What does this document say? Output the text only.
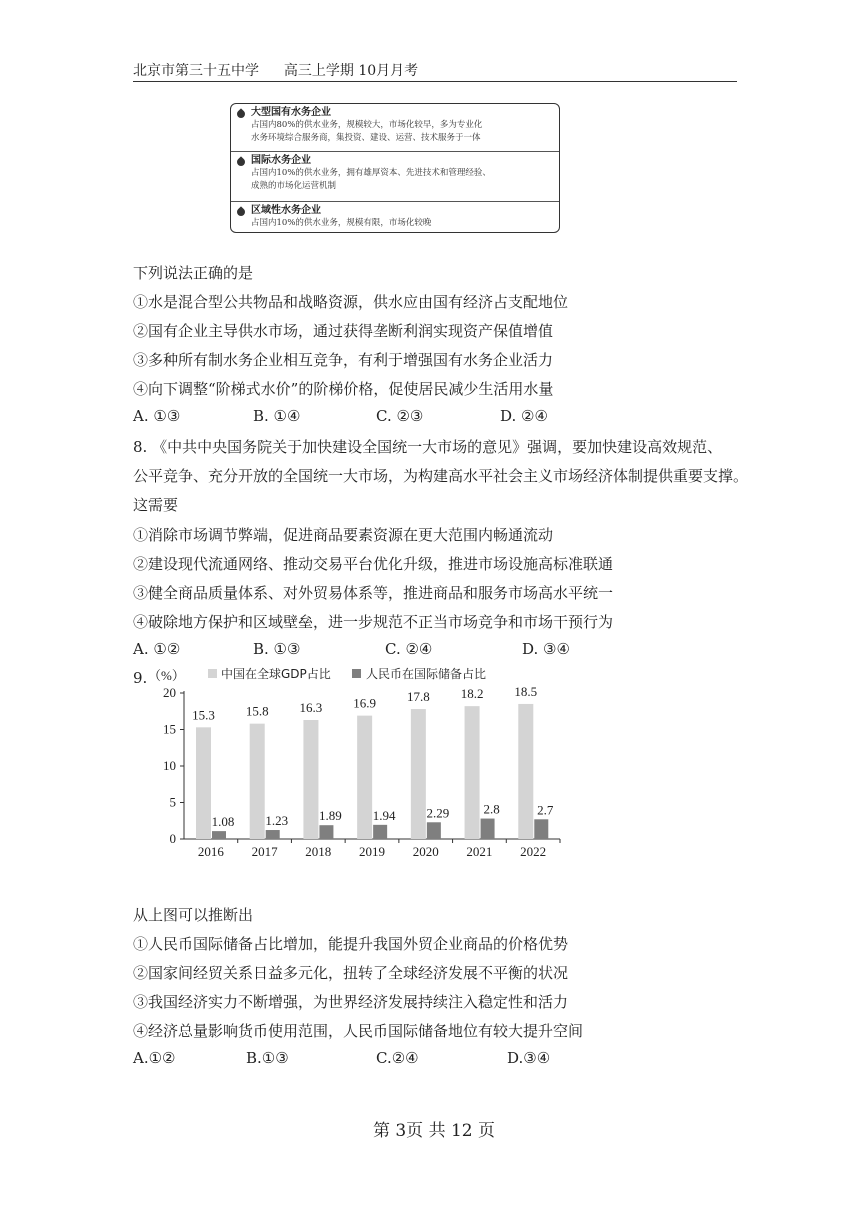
北京市第三十五中学 高三上学期 10月月考
大型国有水务企业
占国内80%的供水业务，规模较大，市场化较早，多为专业化
水务环境综合服务商，集投资、建设、运营、技术服务于一体
国际水务企业
占国内10%的供水业务，拥有雄厚资本、先进技术和管理经验、
成熟的市场化运营机制
区域性水务企业
占国内10%的供水业务，规模有限，市场化较晚
下列说法正确的是
①水是混合型公共物品和战略资源，供水应由国有经济占支配地位
②国有企业主导供水市场，通过获得垄断利润实现资产保值增值
③多种所有制水务企业相互竞争，有利于增强国有水务企业活力
④向下调整“阶梯式水价”的阶梯价格，促使居民减少生活用水量
A. ①③	B. ①④	C. ②③	D. ②④
8. 《中共中央国务院关于加快建设全国统一大市场的意见》强调，要加快建设高效规范、
公平竞争、充分开放的全国统一大市场，为构建高水平社会主义市场经济体制提供重要支撑。
这需要
①消除市场调节弊端，促进商品要素资源在更大范围内畅通流动
②建设现代流通网络、推动交易平台优化升级，推进市场设施高标准联通
③健全商品质量体系、对外贸易体系等，推进商品和服务市场高水平统一
④破除地方保护和区域壁垒，进一步规范不正当市场竞争和市场干预行为
A. ①②	B. ①③	C. ②④	D. ③④
9. （%）	中国在全球GDP占比	人民币在国际储备占比
0
5
10
15
20
15.3
1.08
2016
15.8
1.23
2017
16.3
1.89
2018
16.9
1.94
2019
17.8
2.29
2020
18.2
2.8
2021
18.5
2.7
2022
从上图可以推断出
①人民币国际储备占比增加，能提升我国外贸企业商品的价格优势
②国家间经贸关系日益多元化，扭转了全球经济发展不平衡的状况
③我国经济实力不断增强，为世界经济发展持续注入稳定性和活力
④经济总量影响货币使用范围，人民币国际储备地位有较大提升空间
A.①②	B.①③	C.②④	D.③④
第 3页 共 12 页
